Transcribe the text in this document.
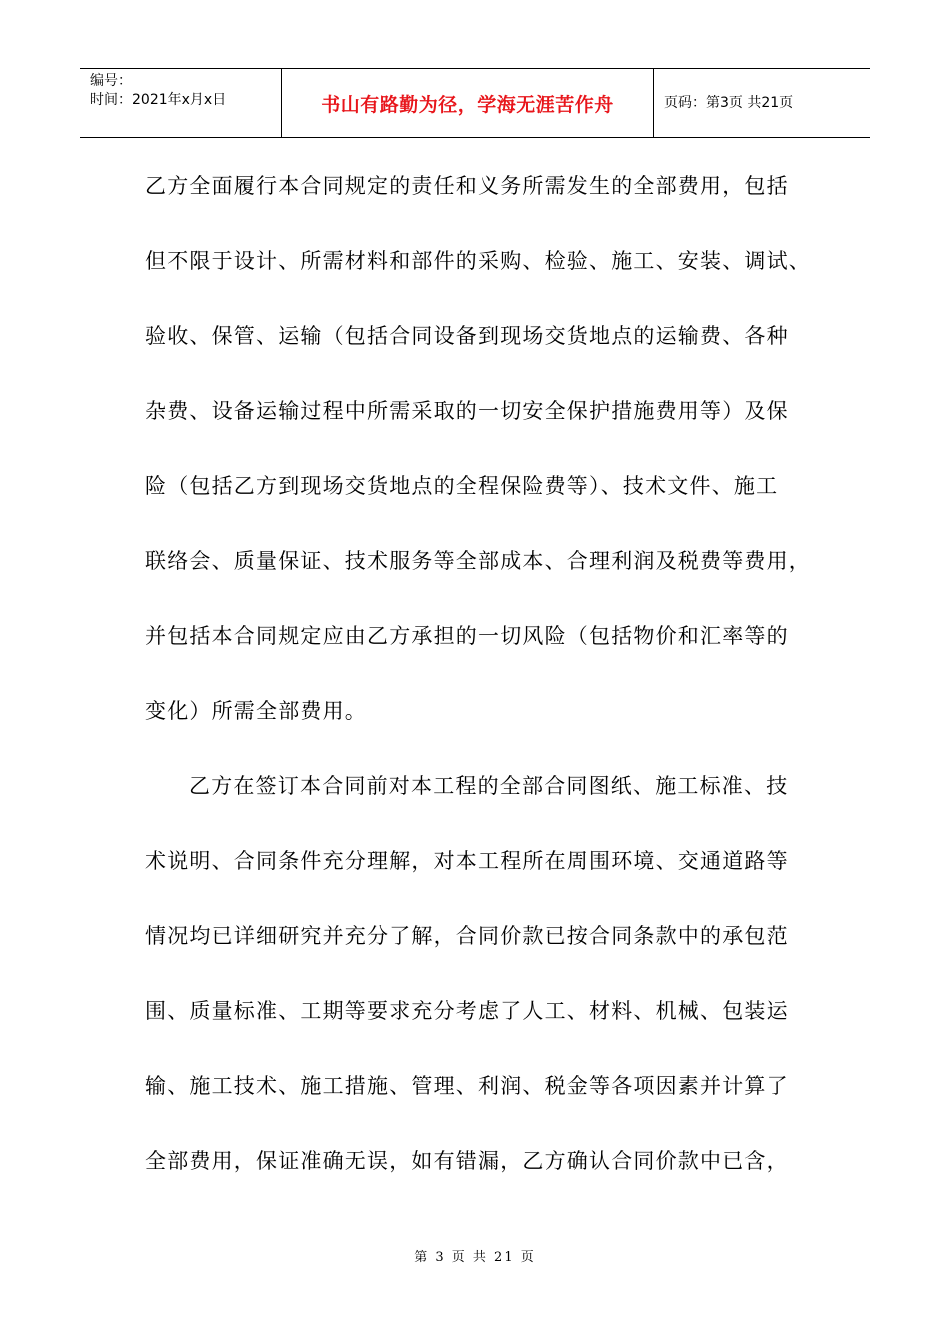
编号：
时间：2021年x月x日	书山有路勤为径，学海无涯苦作舟	页码：第3页 共21页
乙方全面履行本合同规定的责任和义务所需发生的全部费用，包括
但不限于设计、所需材料和部件的采购、检验、施工、安装、调试、
验收、保管、运输（包括合同设备到现场交货地点的运输费、各种
杂费、设备运输过程中所需采取的一切安全保护措施费用等）及保
险（包括乙方到现场交货地点的全程保险费等）、技术文件、施工
联络会、质量保证、技术服务等全部成本、合理利润及税费等费用，
并包括本合同规定应由乙方承担的一切风险（包括物价和汇率等的
变化）所需全部费用。
乙方在签订本合同前对本工程的全部合同图纸、施工标准、技
术说明、合同条件充分理解，对本工程所在周围环境、交通道路等
情况均已详细研究并充分了解，合同价款已按合同条款中的承包范
围、质量标准、工期等要求充分考虑了人工、材料、机械、包装运
输、施工技术、施工措施、管理、利润、税金等各项因素并计算了
全部费用，保证准确无误，如有错漏，乙方确认合同价款中已含，
第 3 页 共 21 页
